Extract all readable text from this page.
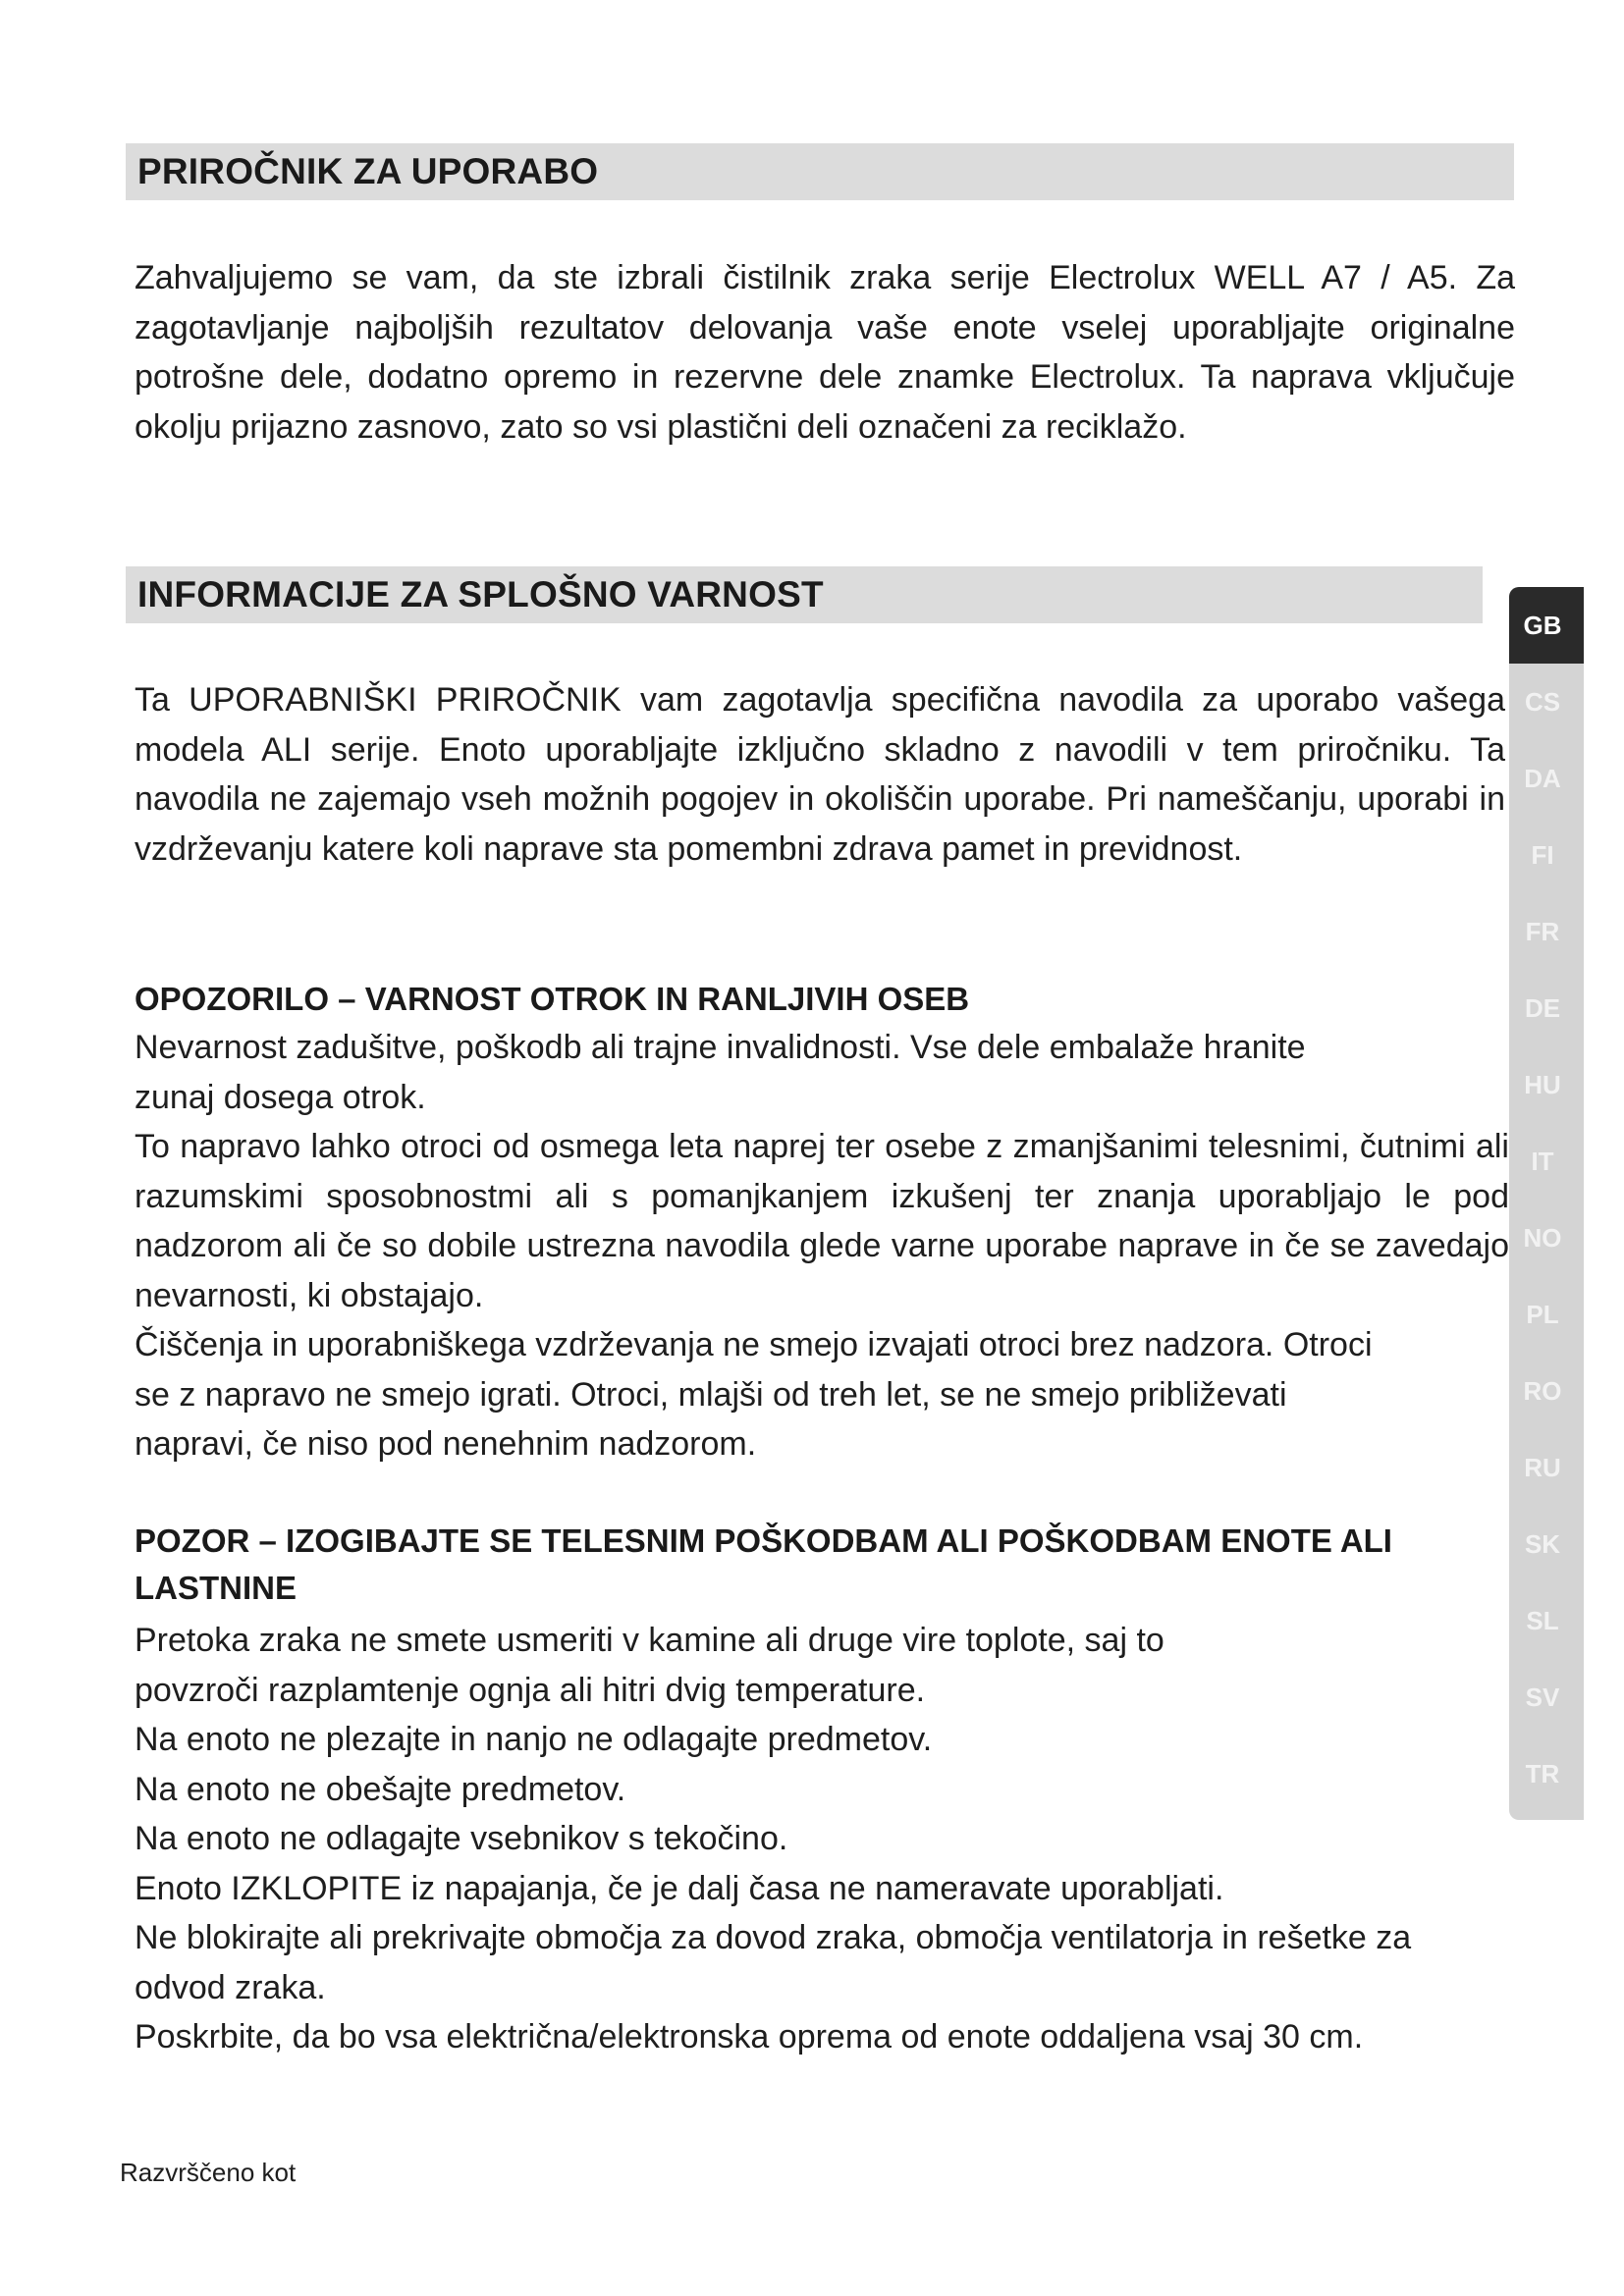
PRIROČNIK ZA UPORABO

Zahvaljujemo se vam, da ste izbrali čistilnik zraka serije Electrolux WELL A7 / A5. Za zagotavljanje najboljših rezultatov delovanja vaše enote vselej uporabljajte originalne potrošne dele, dodatno opremo in rezervne dele znamke Electrolux. Ta naprava vključuje okolju prijazno zasnovo, zato so vsi plastični deli označeni za reciklažo.

INFORMACIJE ZA SPLOŠNO VARNOST

Ta UPORABNIŠKI PRIROČNIK vam zagotavlja specifična navodila za uporabo vašega modela ALI serije. Enoto uporabljajte izključno skladno z navodili v tem priročniku. Ta navodila ne zajemajo vseh možnih pogojev in okoliščin uporabe. Pri nameščanju, uporabi in vzdrževanju katere koli naprave sta pomembni zdrava pamet in previdnost.

OPOZORILO – VARNOST OTROK IN RANLJIVIH OSEB

Nevarnost zadušitve, poškodb ali trajne invalidnosti. Vse dele embalaže hranite

zunaj dosega otrok.

To napravo lahko otroci od osmega leta naprej ter osebe z zmanjšanimi telesnimi, čutnimi ali razumskimi sposobnostmi ali s pomanjkanjem izkušenj ter znanja uporabljajo le pod nadzorom ali če so dobile ustrezna navodila glede varne uporabe naprave in če se zavedajo nevarnosti, ki obstajajo.

Čiščenja in uporabniškega vzdrževanja ne smejo izvajati otroci brez nadzora. Otroci

se z napravo ne smejo igrati. Otroci, mlajši od treh let, se ne smejo približevati

napravi, če niso pod nenehnim nadzorom.

POZOR – IZOGIBAJTE SE TELESNIM POŠKODBAM ALI POŠKODBAM ENOTE ALI
LASTNINE

Pretoka zraka ne smete usmeriti v kamine ali druge vire toplote, saj to

povzroči razplamtenje ognja ali hitri dvig temperature.

Na enoto ne plezajte in nanjo ne odlagajte predmetov.

Na enoto ne obešajte predmetov.

Na enoto ne odlagajte vsebnikov s tekočino.

Enoto IZKLOPITE iz napajanja, če je dalj časa ne nameravate uporabljati.

Ne blokirajte ali prekrivajte območja za dovod zraka, območja ventilatorja in rešetke za

odvod zraka.

Poskrbite, da bo vsa električna/elektronska oprema od enote oddaljena vsaj 30 cm.

Razvrščeno kot
GB
CS
DA
FI
FR
DE
HU
IT
NO
PL
RO
RU
SK
SL
SV
TR
